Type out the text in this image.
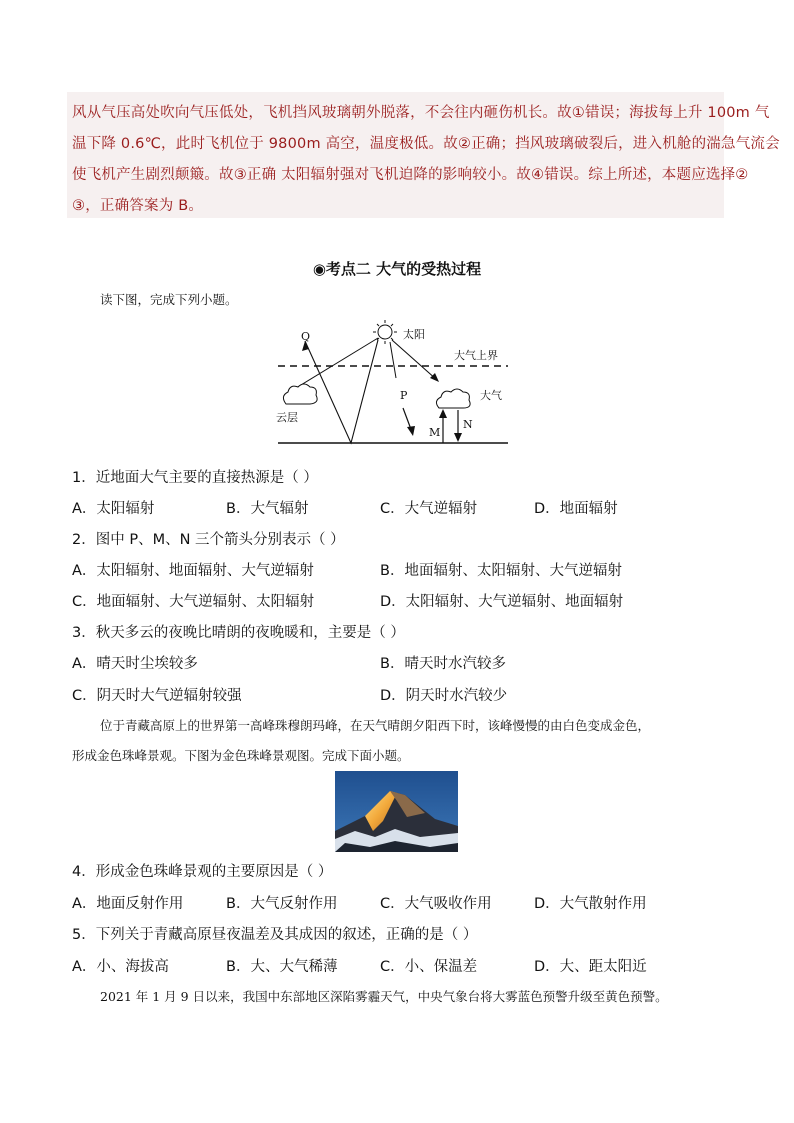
风从气压高处吹向气压低处，飞机挡风玻璃朝外脱落，不会往内砸伤机长。故①错误；海拔每上升 100m 气
温下降 0.6℃，此时飞机位于 9800m 高空，温度极低。故②正确；挡风玻璃破裂后，进入机舱的湍急气流会
使飞机产生剧烈颠簸。故③正确 太阳辐射强对飞机迫降的影响较小。故④错误。综上所述，本题应选择②
③，正确答案为 B。
◉考点二 大气的受热过程
读下图，完成下列小题。
Q	太阳
大气上界
大气
P
云层
M
N
1．近地面大气主要的直接热源是（ ）
A．太阳辐射	B．大气辐射	C．大气逆辐射	D．地面辐射
2．图中 P、M、N 三个箭头分别表示（ ）
A．太阳辐射、地面辐射、大气逆辐射	B．地面辐射、太阳辐射、大气逆辐射
C．地面辐射、大气逆辐射、太阳辐射	D．太阳辐射、大气逆辐射、地面辐射
3．秋天多云的夜晚比晴朗的夜晚暖和，主要是（ ）
A．晴天时尘埃较多	B．晴天时水汽较多
C．阴天时大气逆辐射较强	D．阴天时水汽较少
位于青藏高原上的世界第一高峰珠穆朗玛峰，在天气晴朗夕阳西下时，该峰慢慢的由白色变成金色，
形成金色珠峰景观。下图为金色珠峰景观图。完成下面小题。
4．形成金色珠峰景观的主要原因是（ ）
A．地面反射作用	B．大气反射作用	C．大气吸收作用	D．大气散射作用
5．下列关于青藏高原昼夜温差及其成因的叙述，正确的是（ ）
A．小、海拔高	B．大、大气稀薄	C．小、保温差	D．大、距太阳近
2021 年 1 月 9 日以来，我国中东部地区深陷雾霾天气，中央气象台将大雾蓝色预警升级至黄色预警。
